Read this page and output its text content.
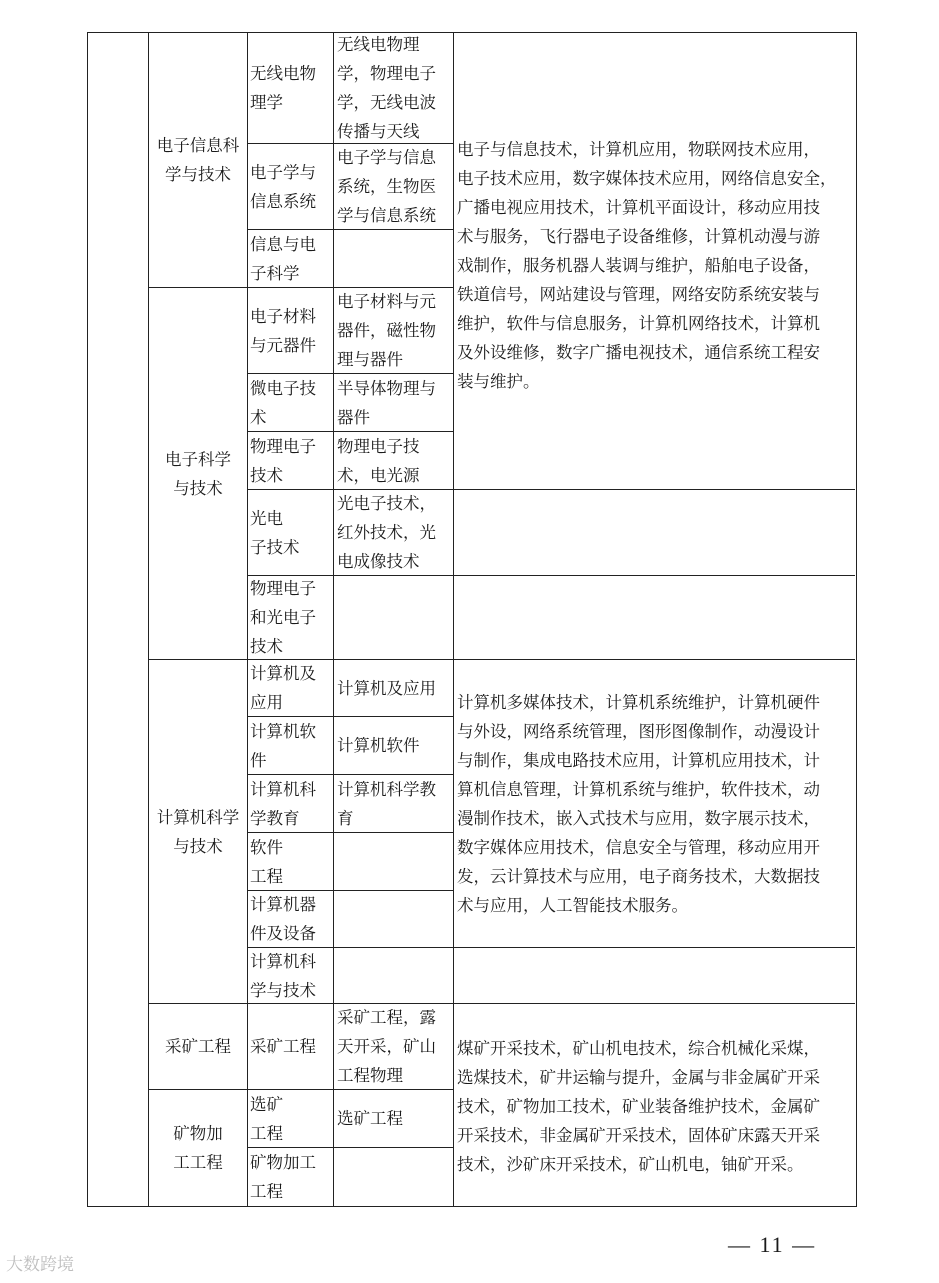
电子信息科
学与技术
电子科学
与技术
计算机科学
与技术
采矿工程
矿物加
工工程
无线电物
理学
电子学与
信息系统
信息与电
子科学
电子材料
与元器件
微电子技
术
物理电子
技术
光电
子技术
物理电子
和光电子
技术
计算机及
应用
计算机软
件
计算机科
学教育
软件
工程
计算机器
件及设备
计算机科
学与技术
采矿工程
选矿
工程
矿物加工
工程
无线电物理
学，物理电子
学，无线电波
传播与天线
电子学与信息
系统，生物医
学与信息系统
电子材料与元
器件，磁性物
理与器件
半导体物理与
器件
物理电子技
术，电光源
光电子技术，
红外技术，光
电成像技术
计算机及应用
计算机软件
计算机科学教
育
采矿工程，露
天开采，矿山
工程物理
选矿工程
电子与信息技术，计算机应用，物联网技术应用，
电子技术应用，数字媒体技术应用，网络信息安全，
广播电视应用技术，计算机平面设计，移动应用技
术与服务，飞行器电子设备维修，计算机动漫与游
戏制作，服务机器人装调与维护，船舶电子设备，
铁道信号，网站建设与管理，网络安防系统安装与
维护，软件与信息服务，计算机网络技术，计算机
及外设维修，数字广播电视技术，通信系统工程安
装与维护。
计算机多媒体技术，计算机系统维护，计算机硬件
与外设，网络系统管理，图形图像制作，动漫设计
与制作，集成电路技术应用，计算机应用技术，计
算机信息管理，计算机系统与维护，软件技术，动
漫制作技术，嵌入式技术与应用，数字展示技术，
数字媒体应用技术，信息安全与管理，移动应用开
发，云计算技术与应用，电子商务技术，大数据技
术与应用，人工智能技术服务。
煤矿开采技术，矿山机电技术，综合机械化采煤，
选煤技术，矿井运输与提升，金属与非金属矿开采
技术，矿物加工技术，矿业装备维护技术，金属矿
开采技术，非金属矿开采技术，固体矿床露天开采
技术，沙矿床开采技术，矿山机电，铀矿开采。
— 11 —
大数跨境
